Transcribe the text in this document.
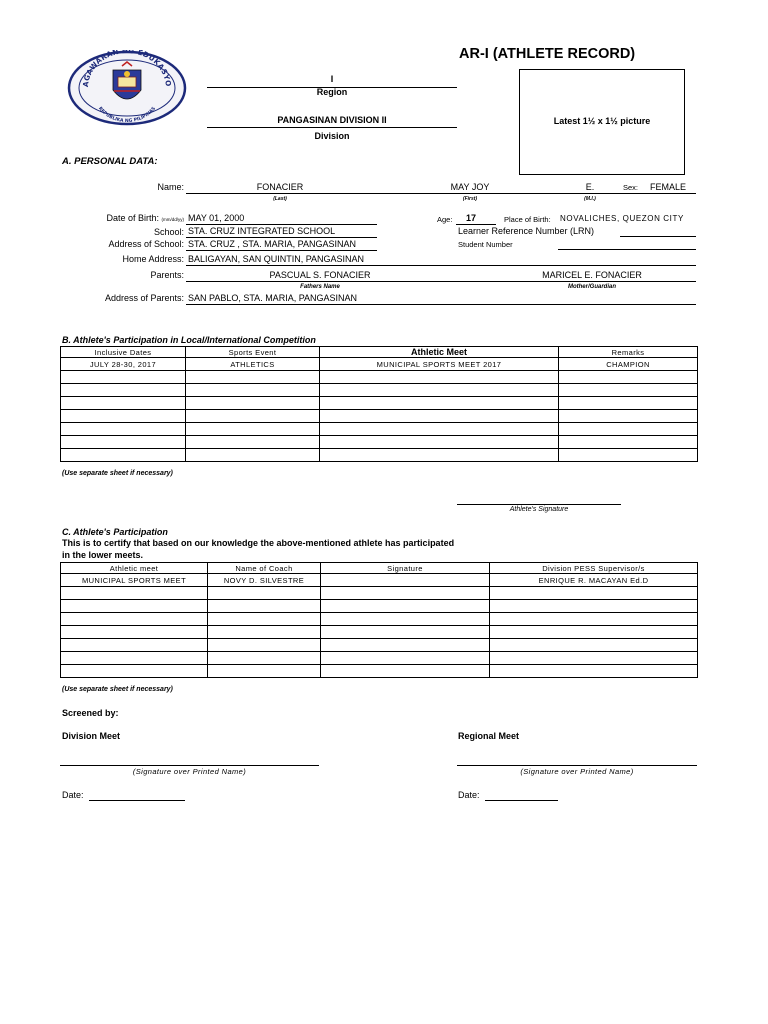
AGAWARAN NG EDUKASYO
REPUBLIKA NG PILIPINAS
AR-I (ATHLETE RECORD)
I
Region
PANGASINAN DIVISION II
Division
Latest 1½ x 1½ picture
A. PERSONAL DATA:
Name:	FONACIER	MAY JOY	E.	Sex: FEMALE
(Last)	(First)	(M.I.)
Date of Birth: (mm/dd/yy) MAY 01, 2000	Age: 17	Place of Birth: NOVALICHES, QUEZON CITY
School: STA. CRUZ INTEGRATED SCHOOL	Learner Reference Number (LRN)
Address of School: STA. CRUZ , STA. MARIA, PANGASINAN	Student Number
Home Address: BALIGAYAN, SAN QUINTIN, PANGASINAN
Parents:	PASCUAL S. FONACIER	MARICEL E. FONACIER
Fathers Name	Mother/Guardian
Address of Parents: SAN PABLO, STA. MARIA, PANGASINAN
B. Athlete's Participation in Local/International Competition
Inclusive Dates	Sports Event	Athletic Meet	Remarks
JULY 28-30, 2017	ATHLETICS	MUNICIPAL SPORTS MEET 2017	CHAMPION

(Use separate sheet if necessary)
Athlete's Signature
C. Athlete's Participation
This is to certify that based on our knowledge the above-mentioned athlete has participated
in the lower meets.
Athletic meet	Name of Coach	Signature	Division PESS Supervisor/s
MUNICIPAL SPORTS MEET	NOVY D. SILVESTRE		ENRIQUE R. MACAYAN Ed.D

(Use separate sheet if necessary)
Screened by:
Division Meet	Regional Meet
(Signature over Printed Name)	(Signature over Printed Name)
Date:	Date:
